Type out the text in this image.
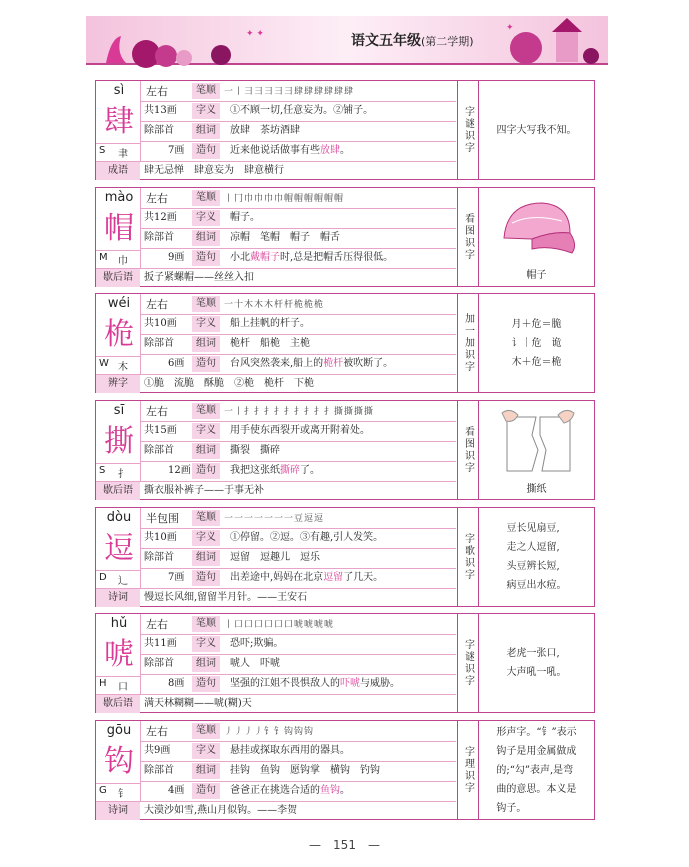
✦ ✦
✦
语文五年级(第二学期)
sì
肆
S 聿
左右	笔顺 一丨彐彐彐彐彐肆肆肆肆肆肆
共13画	字义	①不顾一切,任意妄为。②铺子。
除部首	组词	放肆　茶坊酒肆
7画	造句	近来他说话做事有些放肆。
成语	肆无忌惮　肆意妄为　肆意横行
字谜识字 四字大写我不知。
mào
帽
M 巾
左右	笔顺 丨冂巾巾巾巾帽帽帽帽帽帽
共12画	字义	帽子。
除部首	组词	凉帽　笔帽　帽子　帽舌
9画	造句	小北戴帽子时,总是把帽舌压得很低。
歇后语	扳子紧螺帽——丝丝入扣
看图识字
帽子
wéi
桅
W 木
左右	笔顺 一十木木木杆杆桅桅桅
共10画	字义	船上挂帆的杆子。
除部首	组词	桅杆　船桅　主桅
6画	造句	台风突然袭来,船上的桅杆被吹断了。
辨字	①脆　流脆　酥脆　②桅　桅杆　下桅
加一加识字	月＋危＝脆
讠｜危　诡
木＋危＝桅
sī
撕
S 扌
左右	笔顺 一丨扌扌扌扌扌扌扌扌扌撕撕撕撕
共15画	字义	用手使东西裂开或离开附着处。
除部首	组词	撕裂　撕碎
12画 造句	我把这张纸撕碎了。
歇后语	撕衣服补裤子——于事无补
看图识字
撕纸
dòu
逗
D 辶
半包围	笔顺 一一一一一一一豆逗逗
共10画	字义	①停留。②逗。③有趣,引人发笑。
除部首	组词	逗留　逗趣儿　逗乐
7画	造句	出差途中,妈妈在北京逗留了几天。
诗词	慢逗长风细,留留半月针。——王安石
字歌识字
豆长见扇豆,
走之人逗留,
头豆辨长短,
病豆出水痘。
hǔ
唬
H 口
左右	笔顺 丨口口口口口口唬唬唬唬
共11画	字义	恐吓;欺骗。
除部首	组词	唬人　吓唬
8画	造句	坚强的江姐不畏惧敌人的吓唬与威胁。
歇后语	满天林糊糊——唬(糊)天
字谜识字	老虎一张口,
大声吼一吼。
gōu
钩
G 钅
左右	笔顺 丿丿丿丿钅钅钩钩钩
共9画	字义	悬挂或探取东西用的器具。
除部首	组词	挂钩　鱼钩　愿钩掌　横钩　钓钩
4画	造句	爸爸正在挑选合适的鱼钩。
诗词	大漠沙如雪,燕山月似钩。——李贺
字理识字
形声字。“钅”表示
钩子是用金属做成
的;“勾”表声,是弯
曲的意思。本义是
钩子。
—　151　—
